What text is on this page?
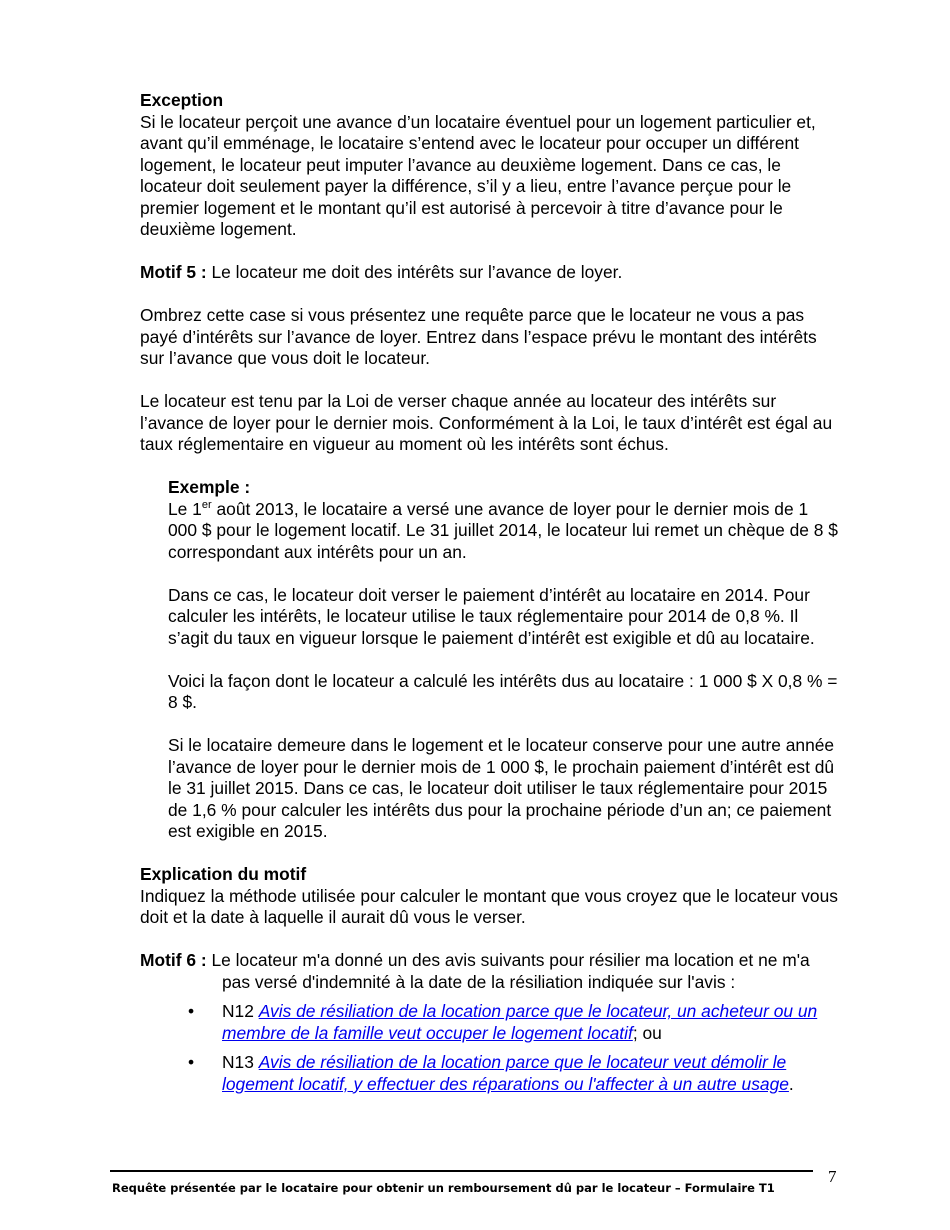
Exception

Si le locateur perçoit une avance d’un locataire éventuel pour un logement particulier et, avant qu’il emménage, le locataire s’entend avec le locateur pour occuper un différent logement, le locateur peut imputer l’avance au deuxième logement. Dans ce cas, le locateur doit seulement payer la différence, s’il y a lieu, entre l’avance perçue pour le premier logement et le montant qu’il est autorisé à percevoir à titre d’avance pour le deuxième logement.

Motif 5 : Le locateur me doit des intérêts sur l’avance de loyer.

Ombrez cette case si vous présentez une requête parce que le locateur ne vous a pas payé d’intérêts sur l’avance de loyer. Entrez dans l’espace prévu le montant des intérêts sur l’avance que vous doit le locateur.

Le locateur est tenu par la Loi de verser chaque année au locateur des intérêts sur l’avance de loyer pour le dernier mois. Conformément à la Loi, le taux d’intérêt est égal au taux réglementaire en vigueur au moment où les intérêts sont échus.

Exemple :

Le 1er août 2013, le locataire a versé une avance de loyer pour le dernier mois de 1 000 $ pour le logement locatif. Le 31 juillet 2014, le locateur lui remet un chèque de 8 $ correspondant aux intérêts pour un an.

Dans ce cas, le locateur doit verser le paiement d’intérêt au locataire en 2014. Pour calculer les intérêts, le locateur utilise le taux réglementaire pour 2014 de 0,8 %. Il s’agit du taux en vigueur lorsque le paiement d’intérêt est exigible et dû au locataire.

Voici la façon dont le locateur a calculé les intérêts dus au locataire : 1 000 $ X 0,8 % = 8 $.

Si le locataire demeure dans le logement et le locateur conserve pour une autre année l’avance de loyer pour le dernier mois de 1 000 $, le prochain paiement d’intérêt est dû le 31 juillet 2015. Dans ce cas, le locateur doit utiliser le taux réglementaire pour 2015 de 1,6 % pour calculer les intérêts dus pour la prochaine période d’un an; ce paiement est exigible en 2015.

Explication du motif

Indiquez la méthode utilisée pour calculer le montant que vous croyez que le locateur vous doit et la date à laquelle il aurait dû vous le verser.

Motif 6 : Le locateur m'a donné un des avis suivants pour résilier ma location et ne m'a pas versé d'indemnité à la date de la résiliation indiquée sur l'avis :

• N12 Avis de résiliation de la location parce que le locateur, un acheteur ou un membre de la famille veut occuper le logement locatif; ou
• N13 Avis de résiliation de la location parce que le locateur veut démolir le logement locatif, y effectuer des réparations ou l'affecter à un autre usage.
Requête présentée par le locataire pour obtenir un remboursement dû par le locateur – Formulaire T1
7
